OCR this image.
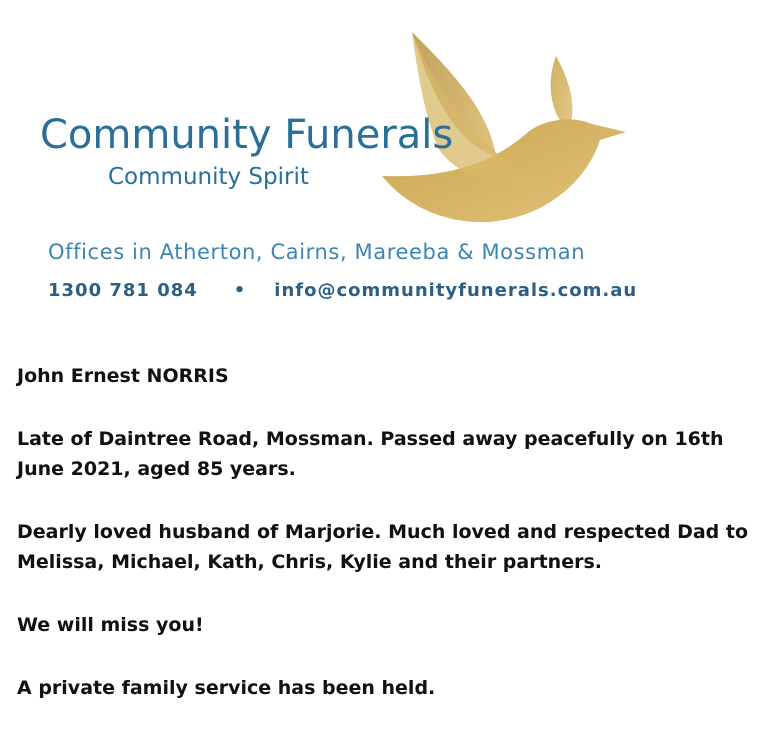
Community Funerals
Community Spirit
Offices in Atherton, Cairns, Mareeba & Mossman
1300 781 084 • info@communityfunerals.com.au

John Ernest NORRIS

Late of Daintree Road, Mossman. Passed away peacefully on 16th June 2021, aged 85 years.

Dearly loved husband of Marjorie. Much loved and respected Dad to Melissa, Michael, Kath, Chris, Kylie and their partners.

We will miss you!

A private family service has been held.
